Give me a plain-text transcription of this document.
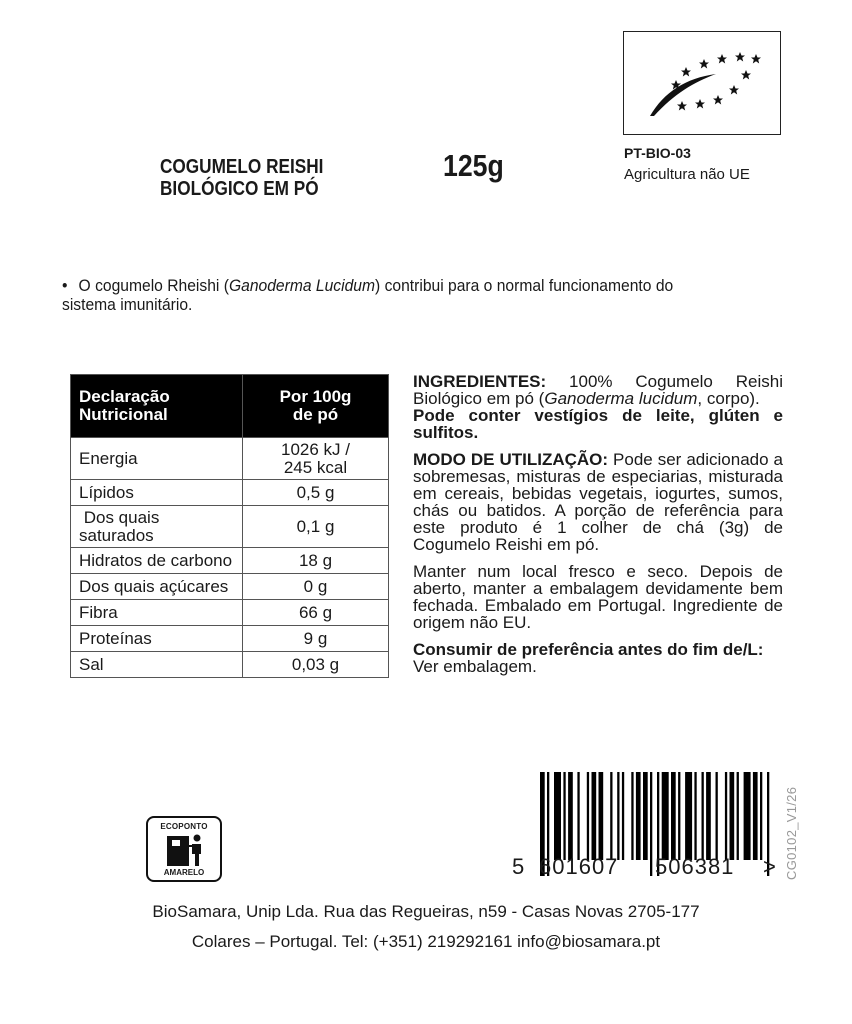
COGUMELO REISHI
BIOLÓGICO EM PÓ
125g	PT-BIO-03
Agricultura não UE
• O cogumelo Rheishi (Ganoderma Lucidum) contribui para o normal funcionamento do
sistema imunitário.
Declaração
Nutricional	Por 100g
de pó
Energia	1026 kJ /
245 kcal
Lípidos	0,5 g
Dos quais
saturados	0,1 g
Hidratos de carbono	18 g
Dos quais açúcares	0 g
Fibra	66 g
Proteínas	9 g
Sal	0,03 g

INGREDIENTES: 100% Cogumelo Reishi Biológico em pó (Ganoderma lucidum, corpo).
Pode conter vestígios de leite, glúten e sulfitos.

MODO DE UTILIZAÇÃO: Pode ser adicionado a sobremesas, misturas de especiarias, misturada em cereais, bebidas vegetais, iogurtes, sumos, chás ou batidos. A porção de referência para este produto é 1 colher de chá (3g) de Cogumelo Reishi em pó.

Manter num local fresco e seco. Depois de aberto, manter a embalagem devidamente bem fechada. Embalado em Portugal. Ingrediente de origem não EU.

Consumir de preferência antes do fim de/L:
Ver embalagem.

ECOPONTO
AMARELO	5 601607 506381 > CG0102_V1/26
BioSamara, Unip Lda. Rua das Regueiras, n59 - Casas Novas 2705-177
Colares – Portugal. Tel: (+351) 219292161 info@biosamara.pt
